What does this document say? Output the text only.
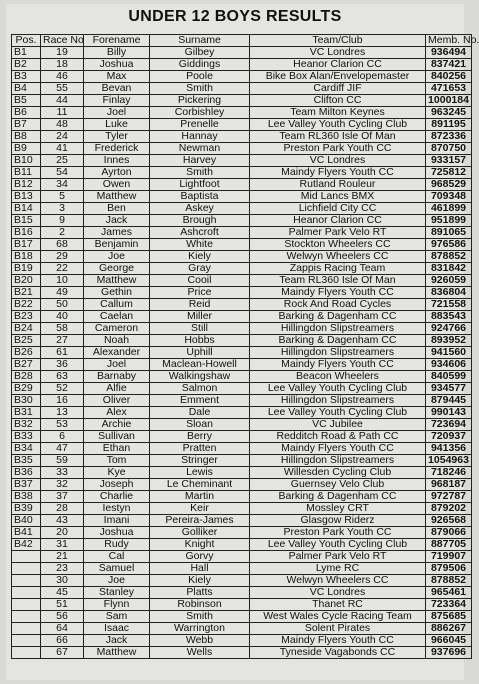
UNDER 12 BOYS RESULTS
Pos.	Race No	Forename	Surname	Team/Club	Memb. No.
B1	19	Billy	Gilbey	VC Londres	936494
B2	18	Joshua	Giddings	Heanor Clarion CC	837421
B3	46	Max	Poole	Bike Box Alan/Envelopemaster	840256
B4	55	Bevan	Smith	Cardiff JIF	471653
B5	44	Finlay	Pickering	Clifton CC	1000184
B6	11	Joel	Corbishley	Team Milton Keynes	963245
B7	48	Luke	Prenelle	Lee Valley Youth Cycling Club	891195
B8	24	Tyler	Hannay	Team RL360 Isle Of Man	872336
B9	41	Frederick	Newman	Preston Park Youth CC	870750
B10	25	Innes	Harvey	VC Londres	933157
B11	54	Ayrton	Smith	Maindy Flyers Youth CC	725812
B12	34	Owen	Lightfoot	Rutland Rouleur	968529
B13	5	Matthew	Baptista	Mid Lancs BMX	709348
B14	3	Ben	Askey	Lichfield City CC	461899
B15	9	Jack	Brough	Heanor Clarion CC	951899
B16	2	James	Ashcroft	Palmer Park Velo RT	891065
B17	68	Benjamin	White	Stockton Wheelers CC	976586
B18	29	Joe	Kiely	Welwyn Wheelers CC	878852
B19	22	George	Gray	Zappis Racing Team	831842
B20	10	Matthew	Cooil	Team RL360 Isle Of Man	926059
B21	49	Gethin	Price	Maindy Flyers Youth CC	836804
B22	50	Callum	Reid	Rock And Road Cycles	721558
B23	40	Caelan	Miller	Barking & Dagenham CC	883543
B24	58	Cameron	Still	Hillingdon Slipstreamers	924766
B25	27	Noah	Hobbs	Barking & Dagenham CC	893952
B26	61	Alexander	Uphill	Hillingdon Slipstreamers	941560
B27	36	Joel	Maclean-Howell	Maindy Flyers Youth CC	934606
B28	63	Barnaby	Walkingshaw	Beacon Wheelers	840599
B29	52	Alfie	Salmon	Lee Valley Youth Cycling Club	934577
B30	16	Oliver	Emment	Hillingdon Slipstreamers	879445
B31	13	Alex	Dale	Lee Valley Youth Cycling Club	990143
B32	53	Archie	Sloan	VC Jubilee	723694
B33	6	Sullivan	Berry	Redditch Road & Path CC	720937
B34	47	Ethan	Pratten	Maindy Flyers Youth CC	941356
B35	59	Tom	Stringer	Hillingdon Slipstreamers	1054963
B36	33	Kye	Lewis	Willesden Cycling Club	718246
B37	32	Joseph	Le Cheminant	Guernsey Velo Club	968187
B38	37	Charlie	Martin	Barking & Dagenham CC	972787
B39	28	Iestyn	Keir	Mossley CRT	879202
B40	43	Imani	Pereira-James	Glasgow Riderz	926568
B41	20	Joshua	Golliker	Preston Park Youth CC	879066
B42	31	Rudy	Knight	Lee Valley Youth Cycling Club	887705
	21	Cal	Gorvy	Palmer Park Velo RT	719907
	23	Samuel	Hall	Lyme RC	879506
	30	Joe	Kiely	Welwyn Wheelers CC	878852
	45	Stanley	Platts	VC Londres	965461
	51	Flynn	Robinson	Thanet RC	723364
	56	Sam	Smith	West Wales Cycle Racing Team	875685
	64	Isaac	Warrington	Solent Pirates	886267
	66	Jack	Webb	Maindy Flyers Youth CC	966045
	67	Matthew	Wells	Tyneside Vagabonds CC	937696
